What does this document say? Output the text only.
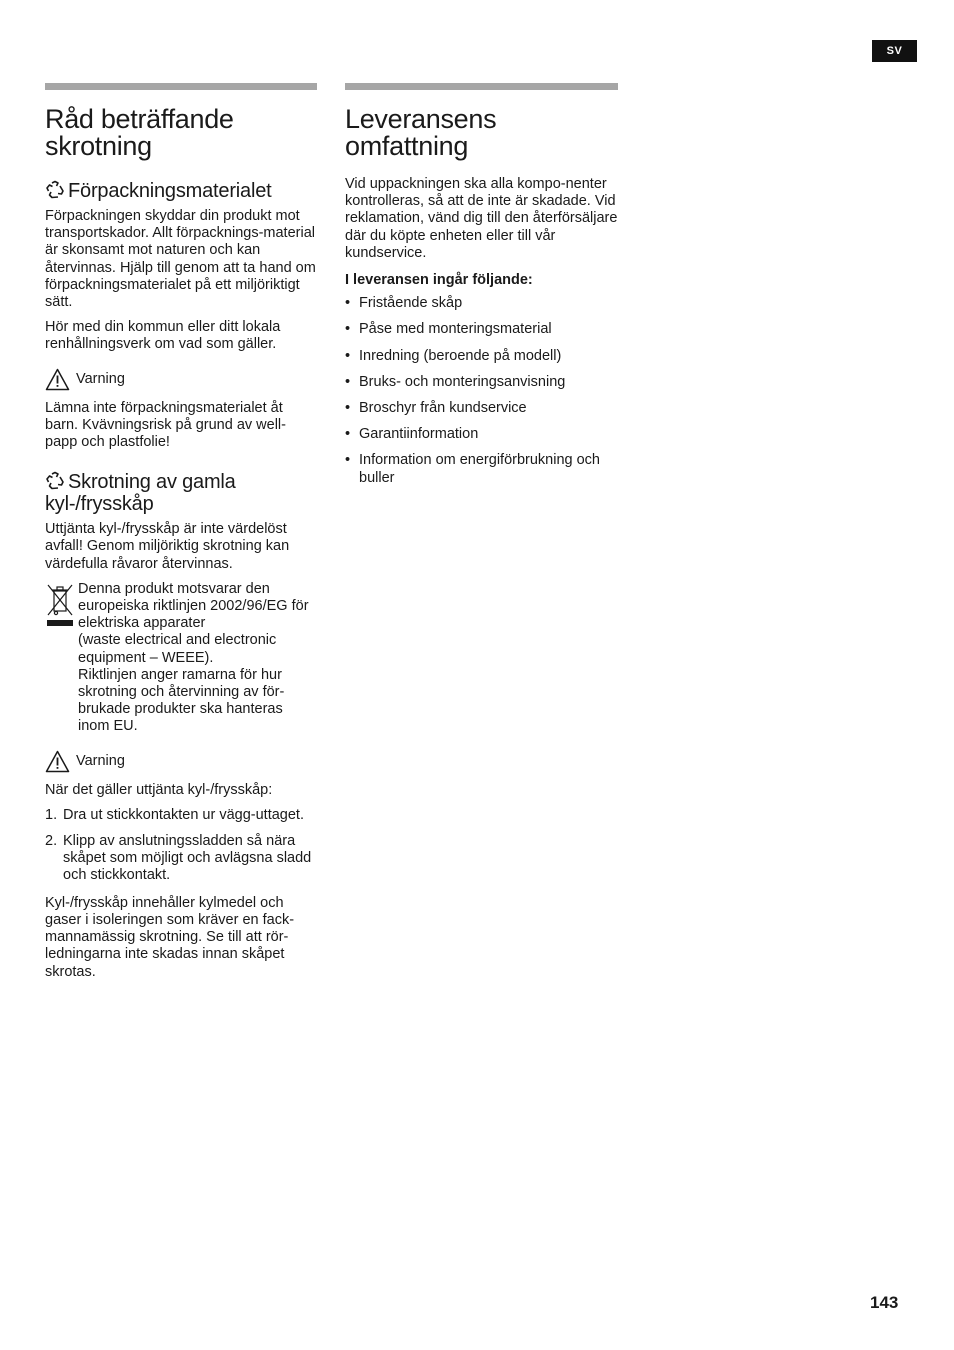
SV
Råd beträffande skrotning
Förpackningsmaterialet

Förpackningen skyddar din produkt mot transportskador. Allt förpacknings-material är skonsamt mot naturen och kan återvinnas. Hjälp till genom att ta hand om förpackningsmaterialet på ett miljöriktigt sätt.

Hör med din kommun eller ditt lokala renhållningsverk om vad som gäller.

Varning

Lämna inte förpackningsmaterialet åt barn. Kvävningsrisk på grund av well-papp och plastfolie!

Skrotning av gamla kyl-/frysskåp

Uttjänta kyl-/frysskåp är inte värdelöst avfall! Genom miljöriktig skrotning kan värdefulla råvaror återvinnas.

Denna produkt motsvarar den europeiska riktlinjen 2002/96/EG för elektriska apparater

(waste electrical and electronic equipment – WEEE).

Riktlinjen anger ramarna för hur skrotning och återvinning av för-brukade produkter ska hanteras inom EU.

Varning

När det gäller uttjänta kyl-/frysskåp:

1. Dra ut stickkontakten ur vägg-uttaget.
2. Klipp av anslutningssladden så nära skåpet som möjligt och avlägsna sladd och stickkontakt.

Kyl-/frysskåp innehåller kylmedel och gaser i isoleringen som kräver en fack-mannamässig skrotning. Se till att rör-ledningarna inte skadas innan skåpet skrotas.

Leveransens omfattning

Vid uppackningen ska alla kompo-nenter kontrolleras, så att de inte är skadade. Vid reklamation, vänd dig till den återförsäljare där du köpte enheten eller till vår kundservice.

I leveransen ingår följande:

• Fristående skåp
• Påse med monteringsmaterial
• Inredning (beroende på modell)
• Bruks- och monteringsanvisning
• Broschyr från kundservice
• Garantiinformation
• Information om energiförbrukning och buller
143
